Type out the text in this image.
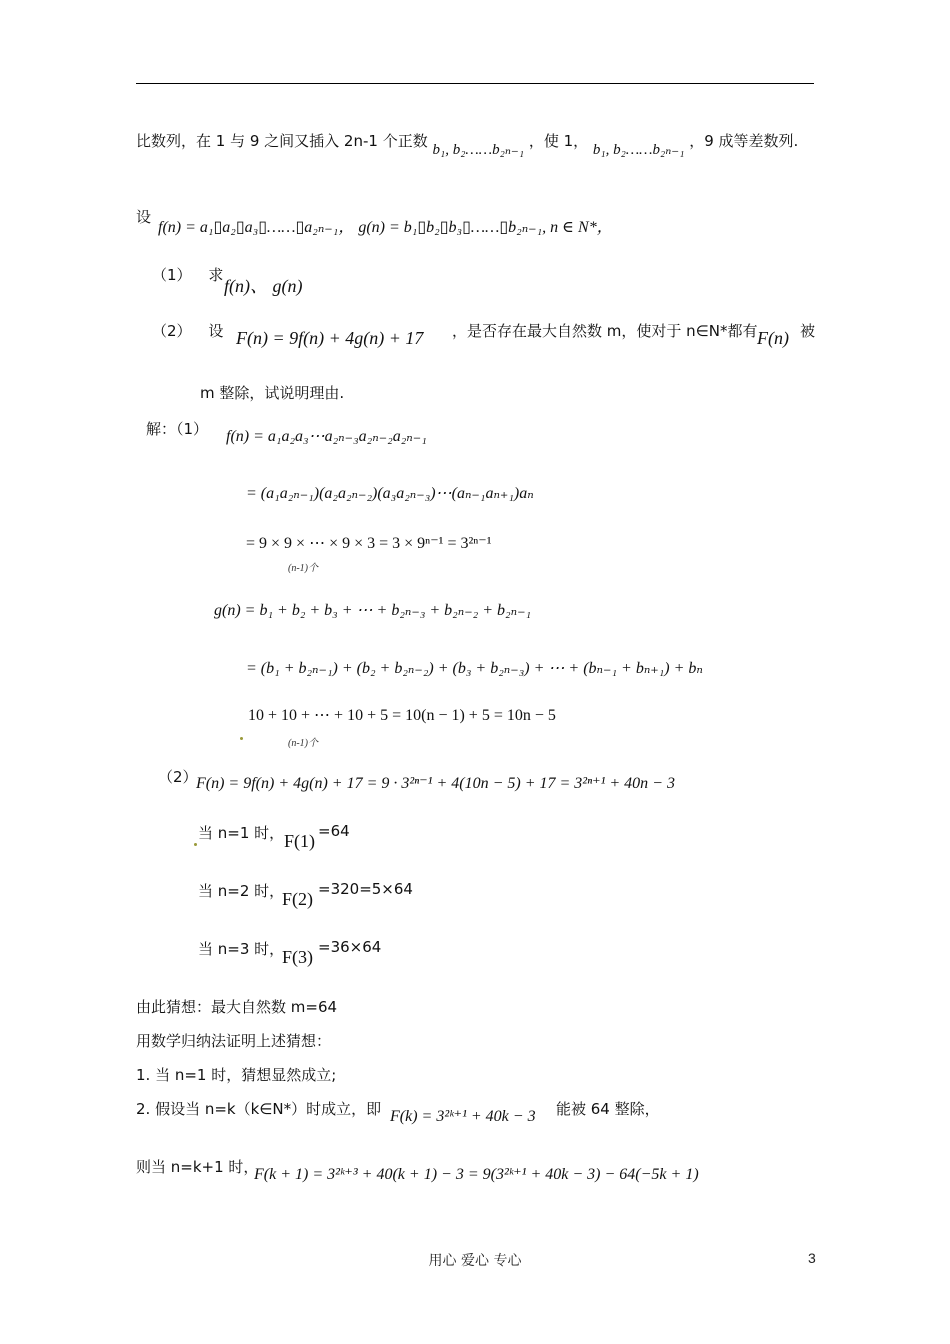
比数列，在 1 与 9 之间又插入 2n-1 个正数 b₁, b₂……b₂ₙ₋₁ ，使 1， b₁, b₂……b₂ₙ₋₁ ，9 成等差数列.
设
f(n) = a₁▯a₂▯a₃▯……▯a₂ₙ₋₁， g(n) = b₁▯b₂▯b₃▯……▯b₂ₙ₋₁, n ∈ N*，
（1） 求
f(n)、 g(n)
（2） 设 F(n) = 9f(n) + 4g(n) + 17 ，是否存在最大自然数 m，使对于 n∈N*都有 F(n) 被
m 整除，试说明理由.
解：（1） f(n) = a₁a₂a₃⋯a₂ₙ₋₃a₂ₙ₋₂a₂ₙ₋₁
= (a₁a₂ₙ₋₁)(a₂a₂ₙ₋₂)(a₃a₂ₙ₋₃)⋯(aₙ₋₁aₙ₊₁)aₙ
= 9 × 9 × ⋯ × 9 × 3 = 3 × 9ⁿ⁻¹ = 3²ⁿ⁻¹
(n-1)个
g(n) = b₁ + b₂ + b₃ + ⋯ + b₂ₙ₋₃ + b₂ₙ₋₂ + b₂ₙ₋₁
= (b₁ + b₂ₙ₋₁) + (b₂ + b₂ₙ₋₂) + (b₃ + b₂ₙ₋₃) + ⋯ + (bₙ₋₁ + bₙ₊₁) + bₙ
10 + 10 + ⋯ + 10 + 5 = 10(n − 1) + 5 = 10n − 5
(n-1)个
（2）
F(n) = 9f(n) + 4g(n) + 17 = 9 · 3²ⁿ⁻¹ + 4(10n − 5) + 17 = 3²ⁿ⁺¹ + 40n − 3
当 n=1 时， F(1) =64
当 n=2 时，
F(2) =320=5×64
当 n=3 时，
F(3) =36×64
由此猜想：最大自然数 m=64
用数学归纳法证明上述猜想：
1. 当 n=1 时，猜想显然成立;
2. 假设当 n=k（k∈N*）时成立，即 F(k) = 3²ᵏ⁺¹ + 40k − 3 能被 64 整除，
则当 n=k+1 时，
F(k + 1) = 3²ᵏ⁺³ + 40(k + 1) − 3 = 9(3²ᵏ⁺¹ + 40k − 3) − 64(−5k + 1)
用心 爱心 专心	3
